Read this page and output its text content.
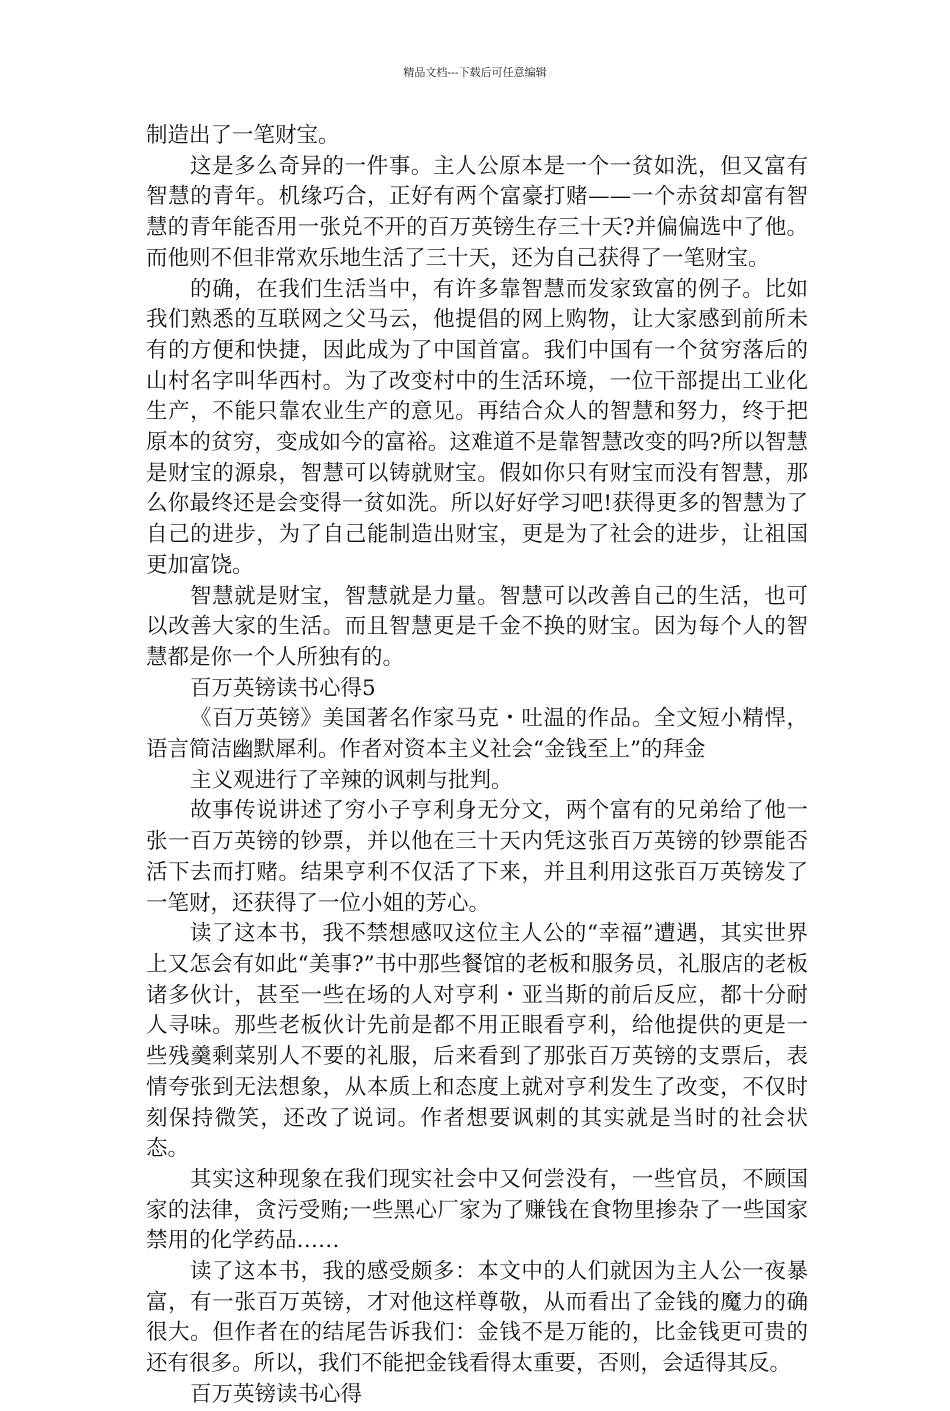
精品文档---下载后可任意编辑

制造出了一笔财宝。

这是多么奇异的一件事。主人公原本是一个一贫如洗，但又富有智慧的青年。机缘巧合，正好有两个富豪打赌——一个赤贫却富有智慧的青年能否用一张兑不开的百万英镑生存三十天?并偏偏选中了他。而他则不但非常欢乐地生活了三十天，还为自己获得了一笔财宝。

的确，在我们生活当中，有许多靠智慧而发家致富的例子。比如我们熟悉的互联网之父马云，他提倡的网上购物，让大家感到前所未有的方便和快捷，因此成为了中国首富。我们中国有一个贫穷落后的山村名字叫华西村。为了改变村中的生活环境，一位干部提出工业化生产，不能只靠农业生产的意见。再结合众人的智慧和努力，终于把原本的贫穷，变成如今的富裕。这难道不是靠智慧改变的吗?所以智慧是财宝的源泉，智慧可以铸就财宝。假如你只有财宝而没有智慧，那么你最终还是会变得一贫如洗。所以好好学习吧!获得更多的智慧为了自己的进步，为了自己能制造出财宝，更是为了社会的进步，让祖国更加富饶。

智慧就是财宝，智慧就是力量。智慧可以改善自己的生活，也可以改善大家的生活。而且智慧更是千金不换的财宝。因为每个人的智慧都是你一个人所独有的。

百万英镑读书心得5

《百万英镑》美国著名作家马克・吐温的作品。全文短小精悍，语言简洁幽默犀利。作者对资本主义社会“金钱至上”的拜金

主义观进行了辛辣的讽刺与批判。

故事传说讲述了穷小子亨利身无分文，两个富有的兄弟给了他一张一百万英镑的钞票，并以他在三十天内凭这张百万英镑的钞票能否活下去而打赌。结果亨利不仅活了下来，并且利用这张百万英镑发了一笔财，还获得了一位小姐的芳心。

读了这本书，我不禁想感叹这位主人公的“幸福”遭遇，其实世界上又怎会有如此“美事?”书中那些餐馆的老板和服务员，礼服店的老板诸多伙计，甚至一些在场的人对亨利・亚当斯的前后反应，都十分耐人寻味。那些老板伙计先前是都不用正眼看亨利，给他提供的更是一些残羹剩菜别人不要的礼服，后来看到了那张百万英镑的支票后，表情夸张到无法想象，从本质上和态度上就对亨利发生了改变，不仅时刻保持微笑，还改了说词。作者想要讽刺的其实就是当时的社会状态。

其实这种现象在我们现实社会中又何尝没有，一些官员，不顾国家的法律，贪污受贿;一些黑心厂家为了赚钱在食物里掺杂了一些国家禁用的化学药品……

读了这本书，我的感受颇多：本文中的人们就因为主人公一夜暴富，有一张百万英镑，才对他这样尊敬，从而看出了金钱的魔力的确很大。但作者在的结尾告诉我们：金钱不是万能的，比金钱更可贵的还有很多。所以，我们不能把金钱看得太重要，否则，会适得其反。

百万英镑读书心得
